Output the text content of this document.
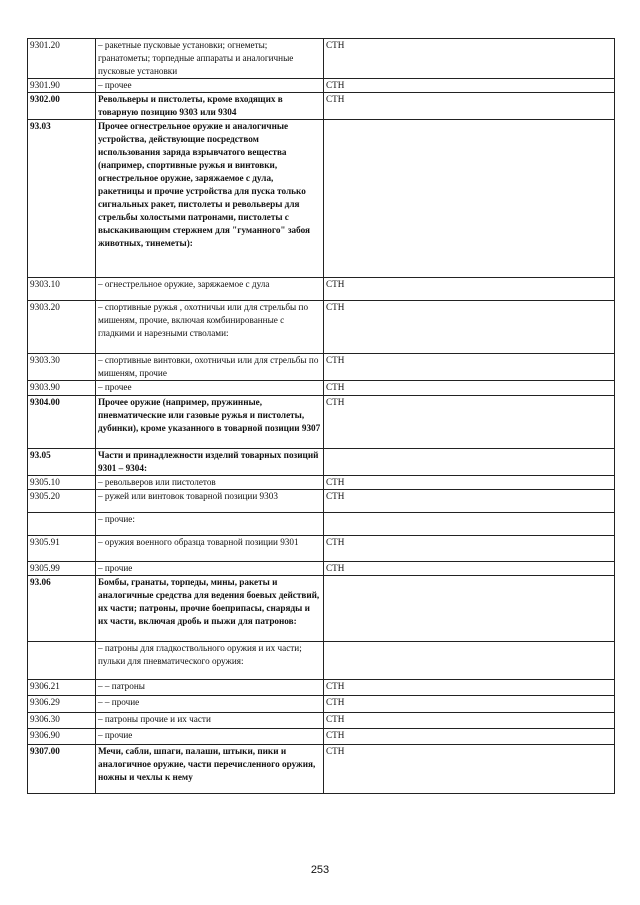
9301.20	– ракетные пусковые установки; огнеметы; гранатометы; торпедные аппараты и аналогичные пусковые установки	СТН
9301.90	– прочее	СТН
9302.00	Револьверы и пистолеты, кроме входящих в товарную позицию 9303 или 9304	СТН
93.03	Прочее огнестрельное оружие и аналогичные устройства, действующие посредством использования заряда взрывчатого вещества (например, спортивные ружья и винтовки, огнестрельное оружие, заряжаемое с дула, ракетницы и прочие устройства для пуска только сигнальных ракет, пистолеты и револьверы для стрельбы холостыми патронами, пистолеты с выскакивающим стержнем для "гуманного" забоя животных, тинеметы):	
9303.10	– огнестрельное оружие, заряжаемое с дула	СТН
9303.20	– спортивные ружья , охотничьи или для стрельбы по мишеням, прочие, включая комбинированные с гладкими и нарезными стволами:	СТН
9303.30	– спортивные винтовки, охотничьи или для стрельбы по мишеням, прочие	СТН
9303.90	– прочее	СТН
9304.00	Прочее оружие (например, пружинные, пневматические или газовые ружья и пистолеты, дубинки), кроме указанного в товарной позиции 9307	СТН
93.05	Части и принадлежности изделий товарных позиций 9301 – 9304:	
9305.10	– револьверов или пистолетов	СТН
9305.20	– ружей или винтовок товарной позиции 9303	СТН
	– прочие:	
9305.91	– оружия военного образца товарной позиции 9301	СТН
9305.99	– прочие	СТН
93.06	Бомбы, гранаты, торпеды, мины, ракеты и аналогичные средства для ведения боевых действий, их части; патроны, прочие боеприпасы, снаряды и их части, включая дробь и пыжи для патронов:	
	– патроны для гладкоствольного оружия и их части; пульки для пневматического оружия:	
9306.21	– – патроны	СТН
9306.29	– – прочие	СТН
9306.30	– патроны прочие и их части	СТН
9306.90	– прочие	СТН
9307.00	Мечи, сабли, шпаги, палаши, штыки, пики и аналогичное оружие, части перечисленного оружия, ножны и чехлы к нему	СТН
253
